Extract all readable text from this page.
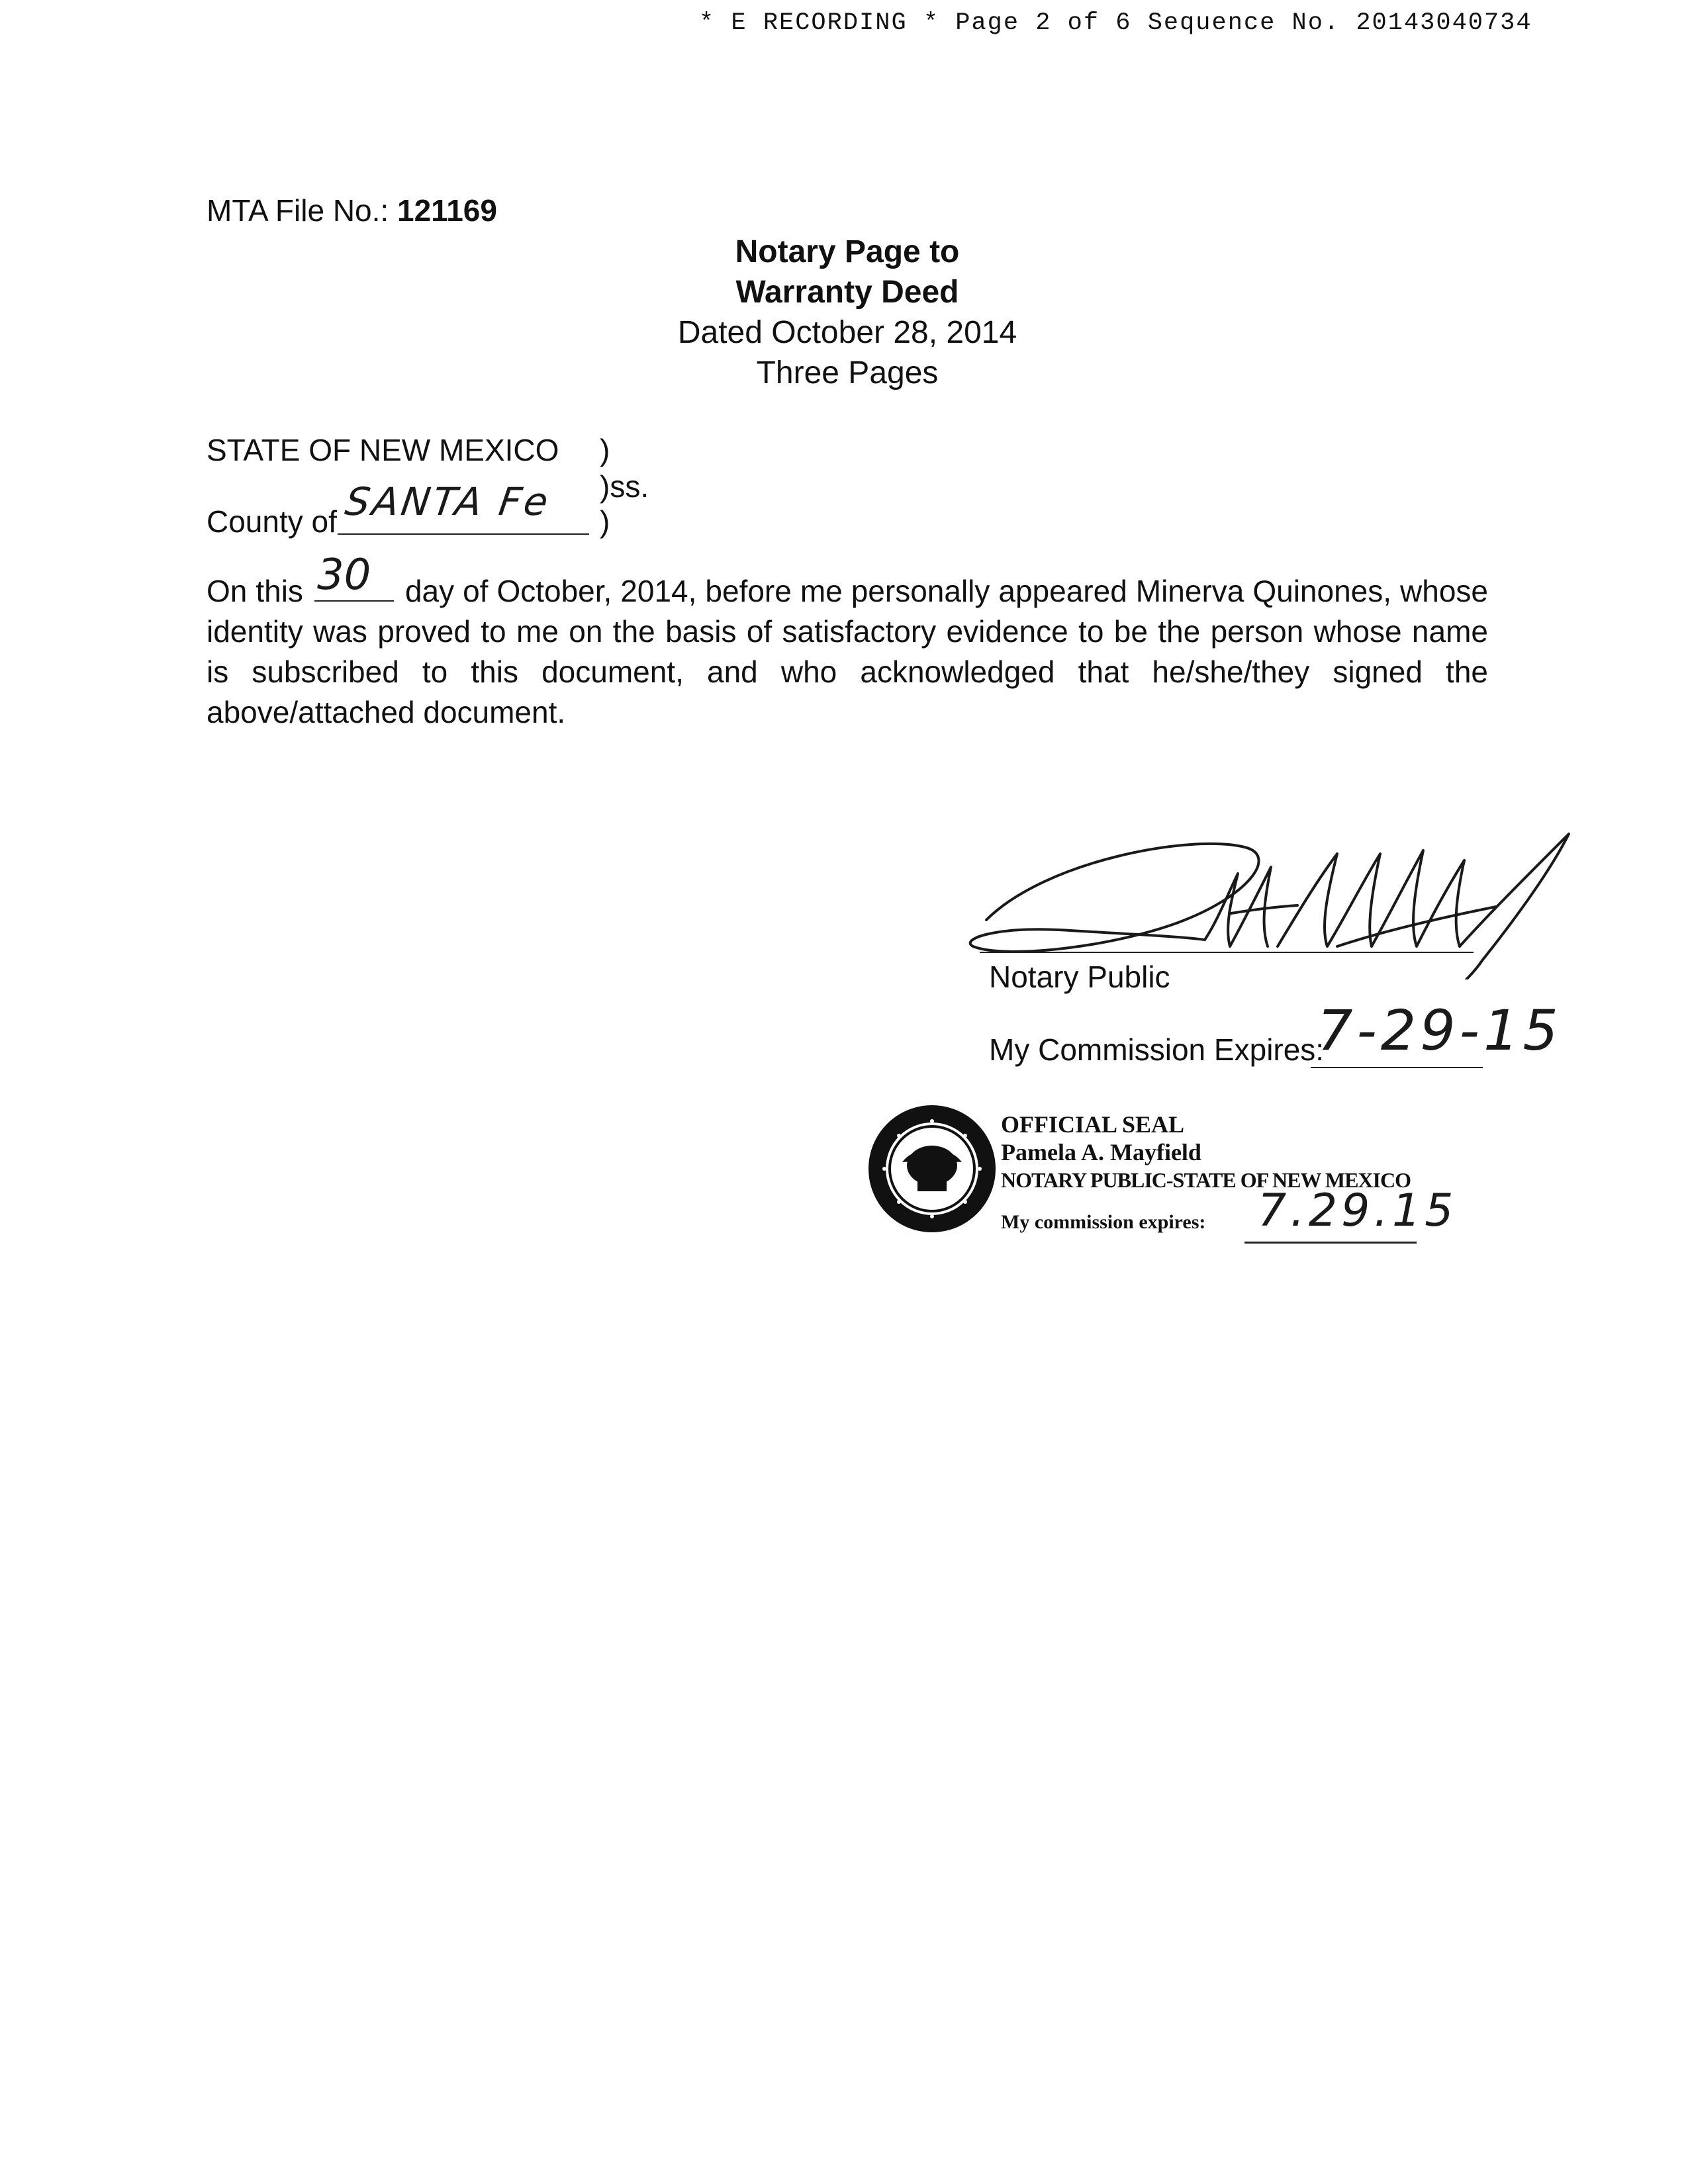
* E RECORDING * Page 2 of 6 Sequence No. 20143040734
MTA File No.: 121169
Notary Page to
Warranty Deed
Dated October 28, 2014
Three Pages
STATE OF NEW MEXICO )
)ss.
County of SANTA Fe )
On this 30 day of October, 2014, before me personally appeared Minerva Quinones, whose identity was proved to me on the basis of satisfactory evidence to be the person whose name is subscribed to this document, and who acknowledged that he/she/they signed the above/attached document.
Notary Public
My Commission Expires:
7-29-15
OFFICIAL SEAL
Pamela A. Mayfield
NOTARY PUBLIC-STATE OF NEW MEXICO
My commission expires:	7.29.15
